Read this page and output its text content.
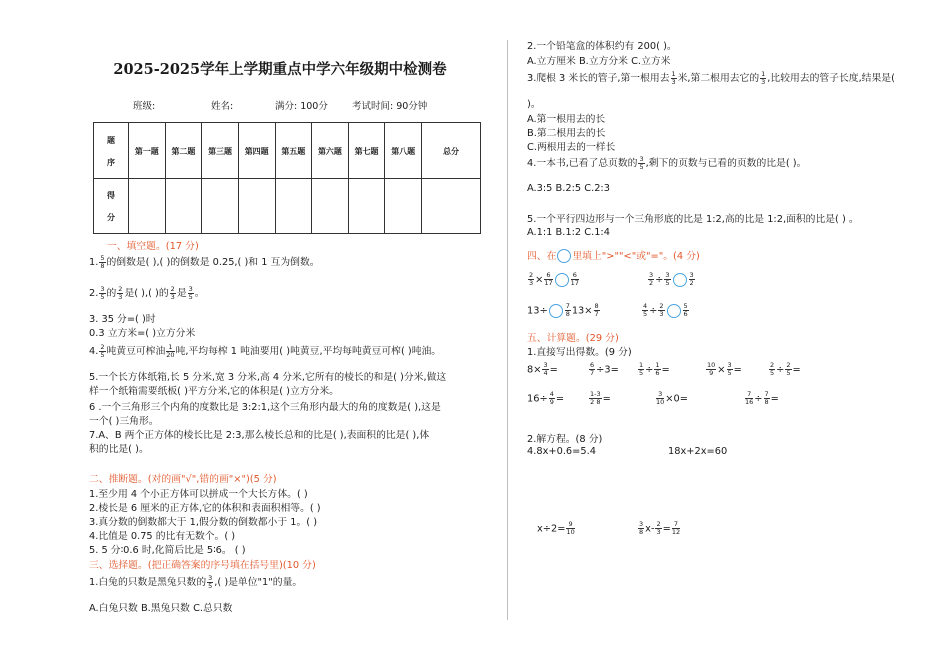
2025-2025学年上学期重点中学六年级期中检测卷
班级:	姓名:	满分: 100分	考试时间: 90分钟
题
序	第一题	第二题	第三题	第四题	第五题	第六题	第七题	第八题	总分

得
分									

一、填空题。(17 分)
1. $\frac{5}{8}$ 的倒数是( ),( )的倒数是 0.25,( )和 1 互为倒数。
2. $\frac{3}{5}$ 的 $\frac{2}{3}$ 是( ),( )的 $\frac{2}{3}$ 是 $\frac{3}{5}$ 。
3. 35 分=( )时
0.3 立方米=( )立方分米
4. $\frac{2}{5}$ 吨黄豆可榨油 $\frac{1}{20}$ 吨,平均每榨 1 吨油要用( )吨黄豆,平均每吨黄豆可榨( )吨油。
5.一个长方体纸箱,长 5 分米,宽 3 分米,高 4 分米,它所有的棱长的和是( )分米,做这
样一个纸箱需要纸板( )平方分米,它的体积是( )立方分米。
6 .一个三角形三个内角的度数比是 3:2:1,这个三角形内最大的角的度数是( ),这是
一个( )三角形。
7.A、B 两个正方体的棱长比是 2:3,那么棱长总和的比是( ),表面积的比是( ),体
积的比是( )。
二、推断题。(对的画"√",错的画"×")(5 分)
1.至少用 4 个小正方体可以拼成一个大长方体。( )
2.棱长是 6 厘米的正方体,它的体积和表面积相等。( )
3.真分数的倒数都大于 1,假分数的倒数都小于 1。( )
4.比值是 0.75 的比有无数个。( )
5. 5 分∶0.6 时,化简后比是 5∶6。 ( )
三、选择题。(把正确答案的序号填在括号里)(10 分)
1.白兔的只数是黑兔只数的 $\frac{3}{5}$ ,( )是单位"1"的量。
A.白兔只数 B.黑兔只数 C.总只数
2.一个铅笔盒的体积约有 200( )。
A.立方厘米 B.立方分米 C.立方米
3.爬根 3 米长的管子,第一根用去 $\frac{1}{3}$ 米,第二根用去它的 $\frac{1}{3}$ ,比较用去的管子长度,结果是(
)。
A.第一根用去的长
B.第二根用去的长
C.两根用去的一样长
4.一本书,已看了总页数的 $\frac{3}{5}$ ,剩下的页数与已看的页数的比是( )。
A.3:5 B.2:5 C.2:3
5.一个平行四边形与一个三角形底的比是 1:2,高的比是 1:2,面积的比是( ) 。
A.1:1 B.1:2 C.1:4
四、在 里填上">""<"或"="。(4 分)
$\frac{2}{3} \times \frac{6}{17}$	$\frac{6}{17}$	$\frac{3}{2} \div \frac{3}{5}$	$\frac{3}{2}$
13÷	$\frac{7}{8} 13\times \frac{8}{7}$	$\frac{4}{5} \div \frac{2}{3}$	$\frac{5}{6}$
五、计算题。(29 分)
1.直接写出得数。(9 分)
$8\times \frac{3}{4}$ =	$\frac{6}{7} \div 3=$	$\frac{1}{5} \div \frac{1}{6}$ =	$\frac{10}{9} \times \frac{3}{5}$ =	$\frac{2}{5} \div \frac{2}{5}$ =
$16\div \frac{4}{9}$ =	$\frac{1-3}{2 8}$ =	$\frac{3}{10} \times 0=$	$\frac{7}{16} \div \frac{7}{8}$ =
2.解方程。(8 分)
4.8x+0.6=5.4	18x+2x=60
$x\div 2= \frac{9}{10}$	$\frac{3}{8} x- \frac{2}{3} = \frac{7}{12}$
